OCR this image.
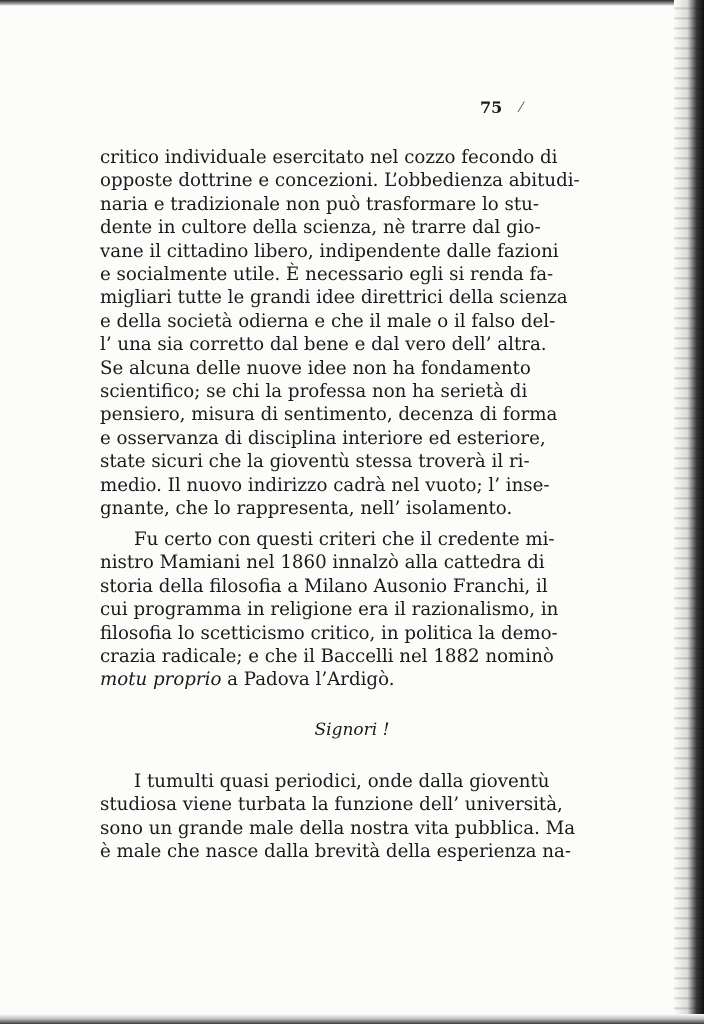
75 ⁄
critico individuale esercitato nel cozzo fecondo di
opposte dottrine e concezioni. L’obbedienza abitudi-
naria e tradizionale non può trasformare lo stu-
dente in cultore della scienza, nè trarre dal gio-
vane il cittadino libero, indipendente dalle fazioni
e socialmente utile. È necessario egli si renda fa-
migliari tutte le grandi idee direttrici della scienza
e della società odierna e che il male o il falso del-
l’ una sia corretto dal bene e dal vero dell’ altra.
Se alcuna delle nuove idee non ha fondamento
scientifico; se chi la professa non ha serietà di
pensiero, misura di sentimento, decenza di forma
e osservanza di disciplina interiore ed esteriore,
state sicuri che la gioventù stessa troverà il ri-
medio. Il nuovo indirizzo cadrà nel vuoto; l’ inse-
gnante, che lo rappresenta, nell’ isolamento.
Fu certo con questi criteri che il credente mi-
nistro Mamiani nel 1860 innalzò alla cattedra di
storia della filosofia a Milano Ausonio Franchi, il
cui programma in religione era il razionalismo, in
filosofia lo scetticismo critico, in politica la demo-
crazia radicale; e che il Baccelli nel 1882 nominò
motu proprio a Padova l’Ardigò.
Signori !
I tumulti quasi periodici, onde dalla gioventù
studiosa viene turbata la funzione dell’ università,
sono un grande male della nostra vita pubblica. Ma
è male che nasce dalla brevità della esperienza na-
